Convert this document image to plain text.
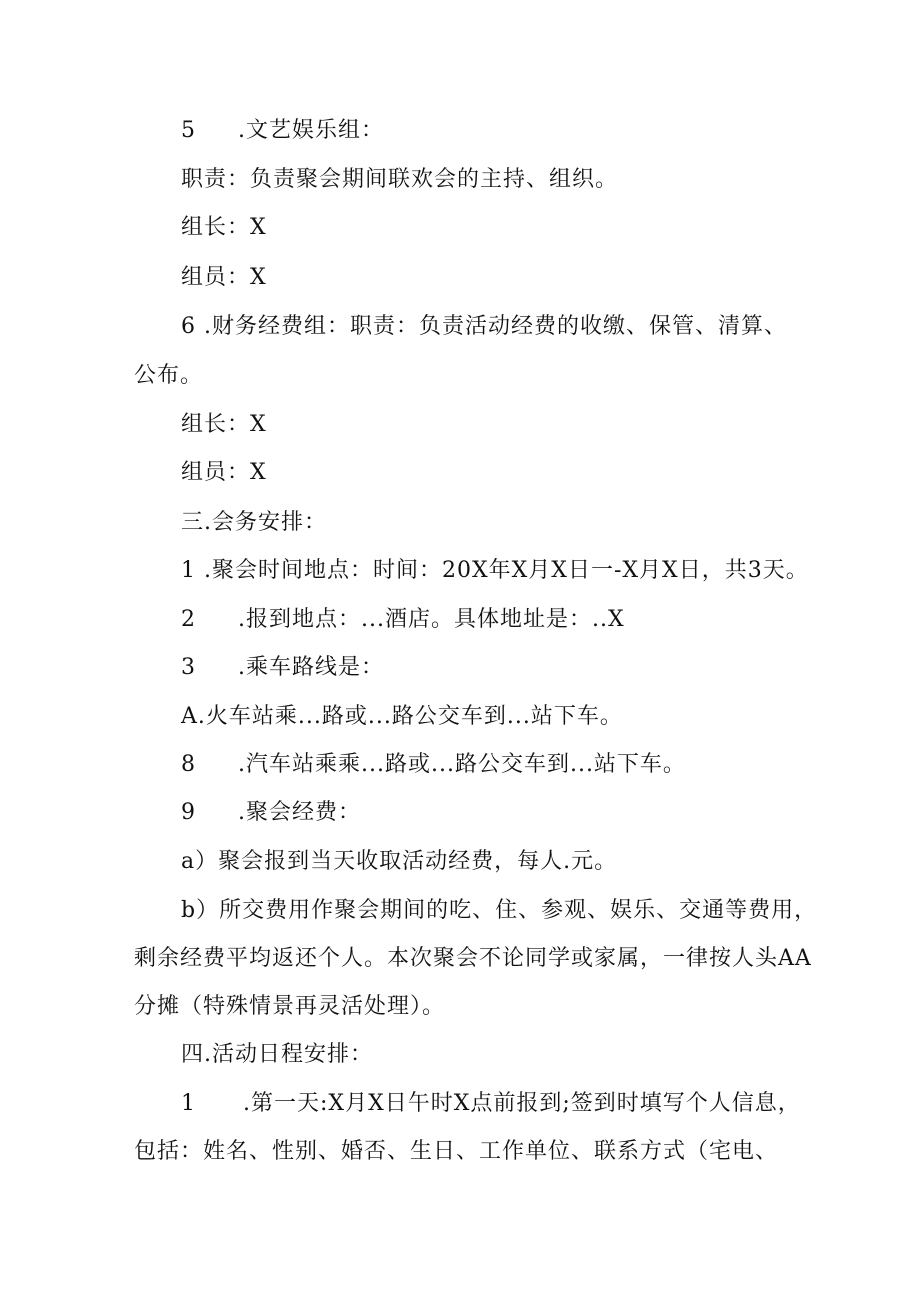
5 .文艺娱乐组：
职责：负责聚会期间联欢会的主持、组织。
组长：X
组员：X
6 .财务经费组：职责：负责活动经费的收缴、保管、清算、
公布。
组长：X
组员：X
三.会务安排：
1 .聚会时间地点：时间：20X年X月X日一-X月X日，共3天。
2 .报到地点：...酒店。具体地址是：..X
3 .乘车路线是：
A.火车站乘...路或...路公交车到...站下车。
8 .汽车站乘乘...路或...路公交车到...站下车。
9 .聚会经费：
a）聚会报到当天收取活动经费，每人.元。
b）所交费用作聚会期间的吃、住、参观、娱乐、交通等费用，
剩余经费平均返还个人。本次聚会不论同学或家属，一律按人头AA
分摊（特殊情景再灵活处理）。
四.活动日程安排：
1 .第一天:X月X日午时X点前报到;签到时填写个人信息，
包括：姓名、性别、婚否、生日、工作单位、联系方式（宅电、
